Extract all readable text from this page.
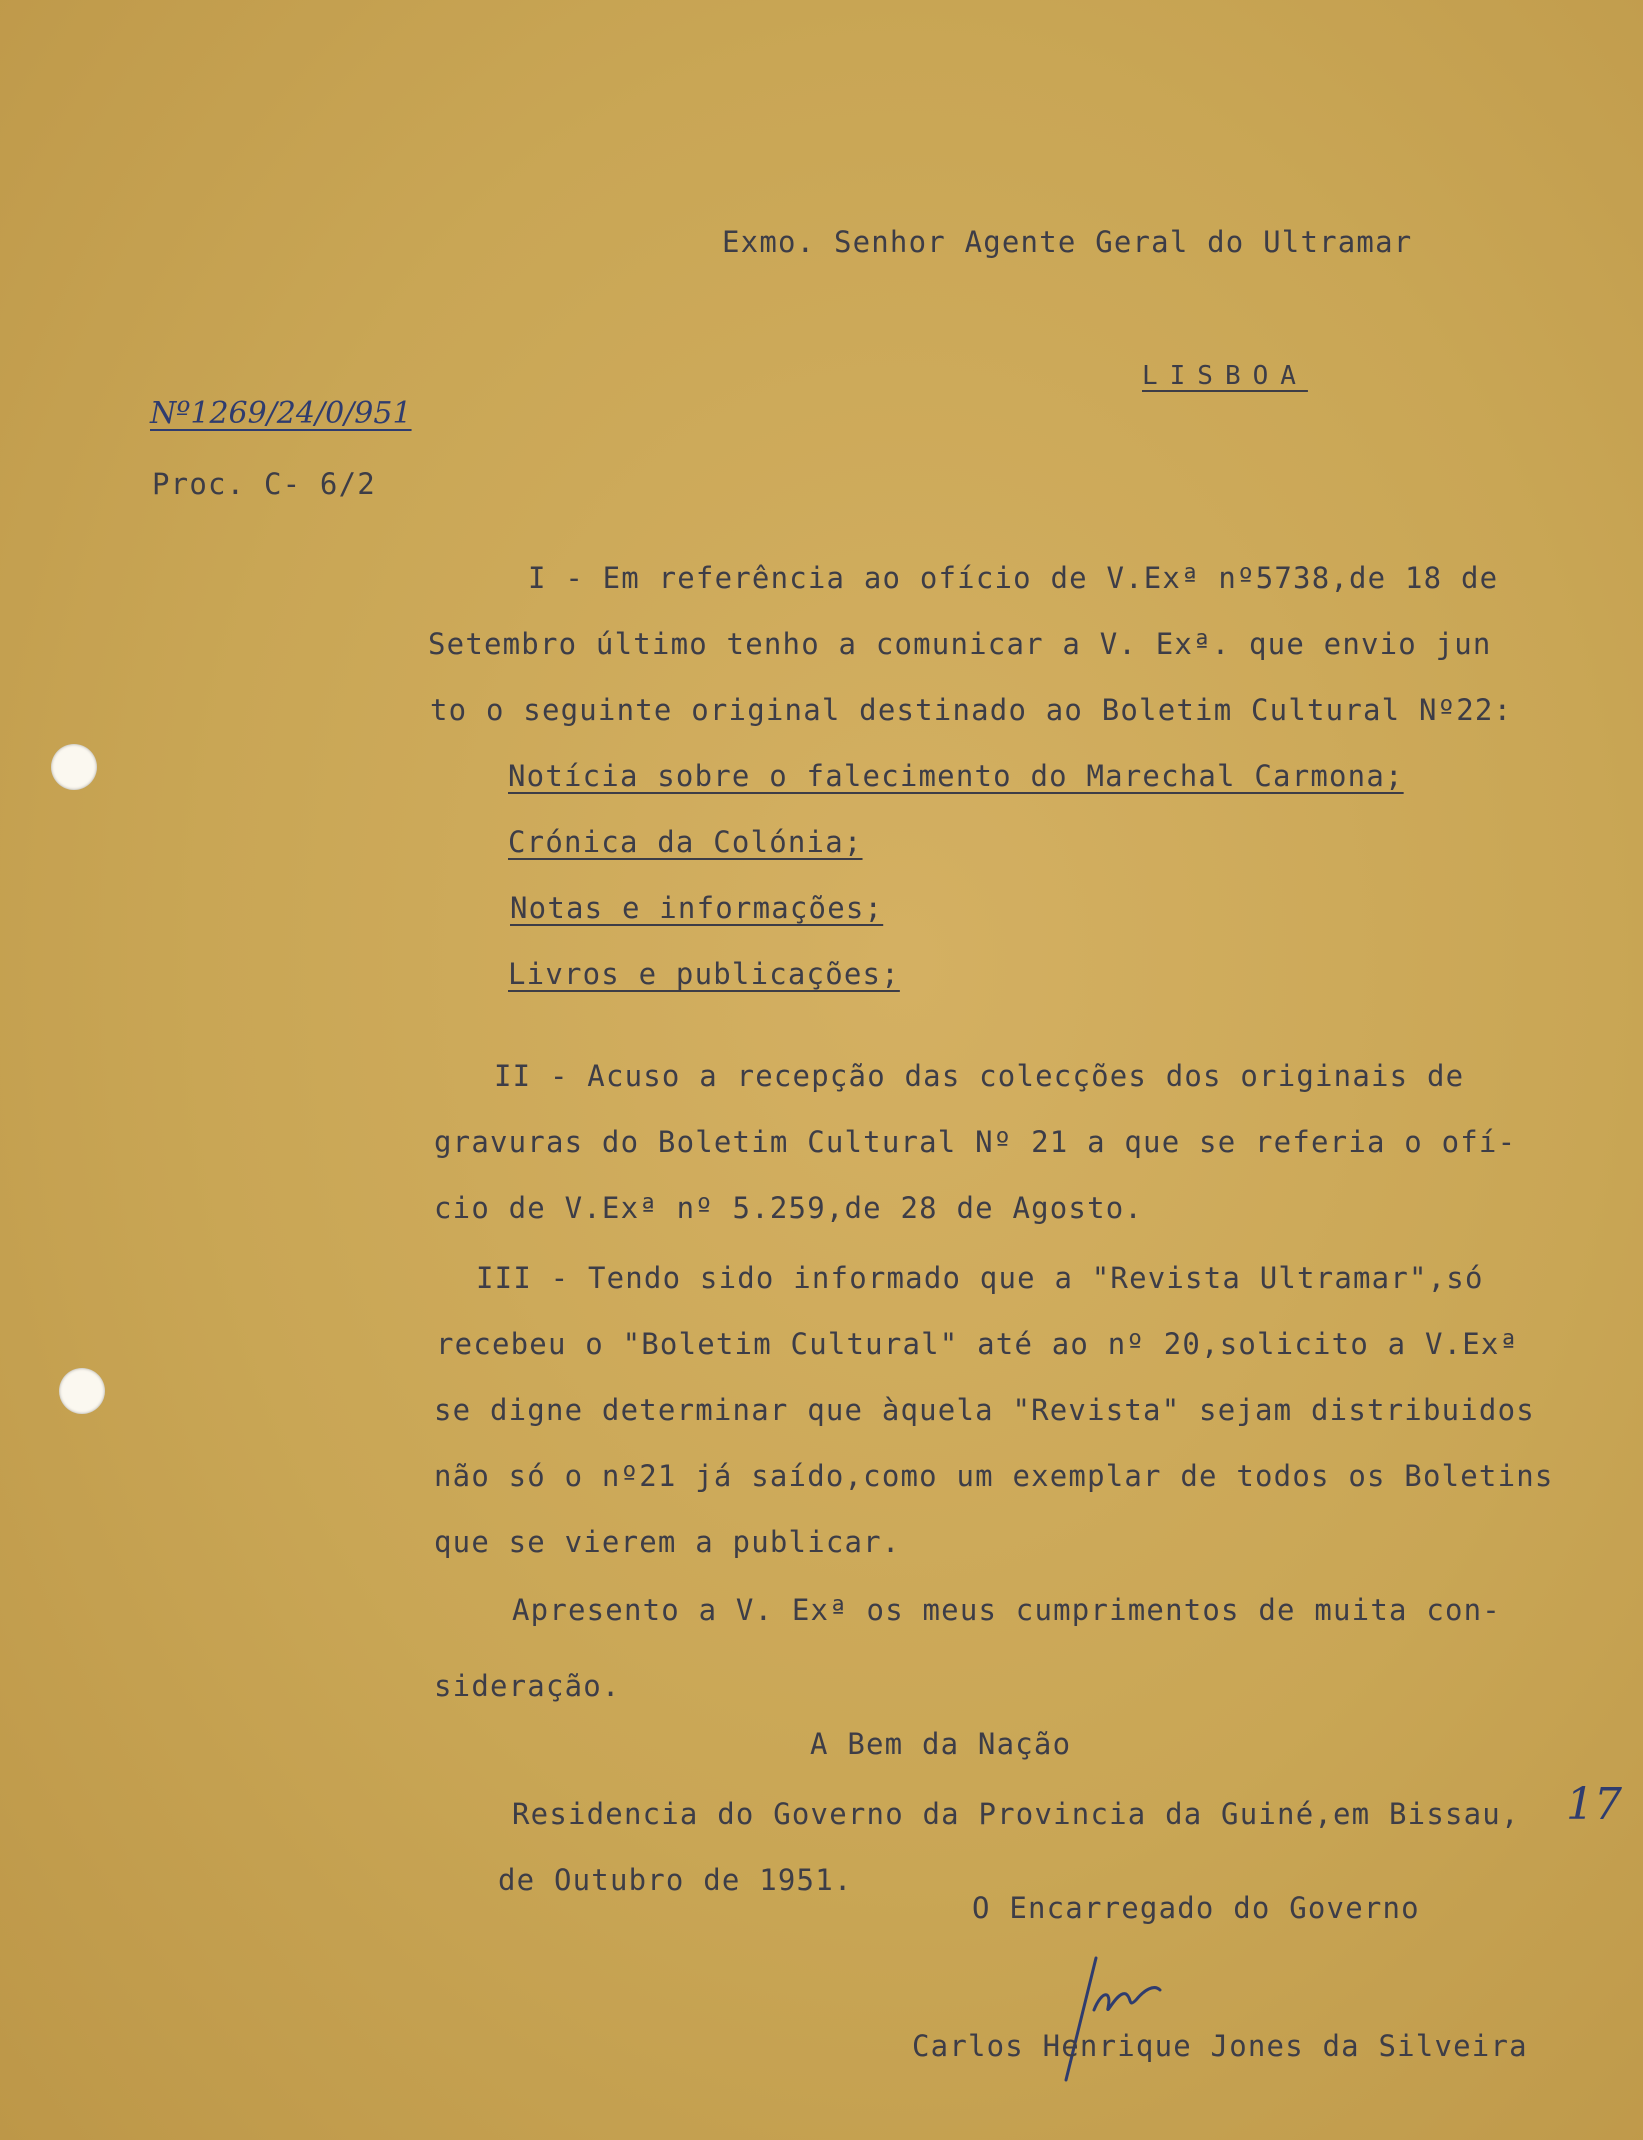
Exmo. Senhor Agente Geral do Ultramar
LISBOA
Nº1269/24/0/951
Proc. C- 6/2
I - Em referência ao ofício de V.Exª nº5738,de 18 de
Setembro último tenho a comunicar a V. Exª. que envio jun
to o seguinte original destinado ao Boletim Cultural Nº22:
Notícia sobre o falecimento do Marechal Carmona;
Crónica da Colónia;
Notas e informações;
Livros e publicações;
II - Acuso a recepção das colecções dos originais de
gravuras do Boletim Cultural Nº 21 a que se referia o ofí-
cio de V.Exª nº 5.259,de 28 de Agosto.
III - Tendo sido informado que a "Revista Ultramar",só
recebeu o "Boletim Cultural" até ao nº 20,solicito a V.Exª
se digne determinar que àquela "Revista" sejam distribuidos
não só o nº21 já saído,como um exemplar de todos os Boletins
que se vierem a publicar.
Apresento a V. Exª os meus cumprimentos de muita con-
sideração.
A Bem da Nação
Residencia do Governo da Provincia da Guiné,em Bissau, 17
de Outubro de 1951.
O Encarregado do Governo
Carlos Henrique Jones da Silveira
